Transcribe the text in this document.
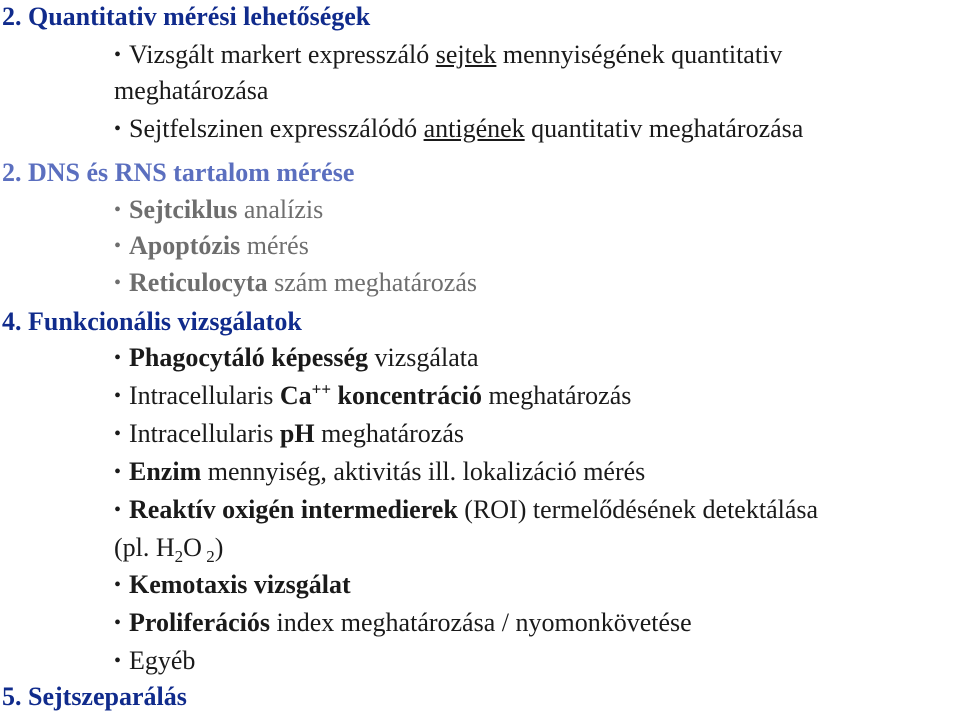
2. Quantitativ mérési lehetőségek
• Vizsgált markert expresszáló sejtek mennyiségének quantitativ
meghatározása
• Sejtfelszinen expresszálódó antigének quantitativ meghatározása
2. DNS és RNS tartalom mérése
• Sejtciklus analízis
• Apoptózis mérés
• Reticulocyta szám meghatározás
4. Funkcionális vizsgálatok
• Phagocytáló képesség vizsgálata
• Intracellularis Ca++ koncentráció meghatározás
• Intracellularis pH meghatározás
• Enzim mennyiség, aktivitás ill. lokalizáció mérés
• Reaktív oxigén intermedierek (ROI) termelődésének detektálása
(pl. $H_2O$ $_2$)
• Kemotaxis vizsgálat
• Proliferációs index meghatározása / nyomonkövetése
• Egyéb
5. Sejtszeparálás
